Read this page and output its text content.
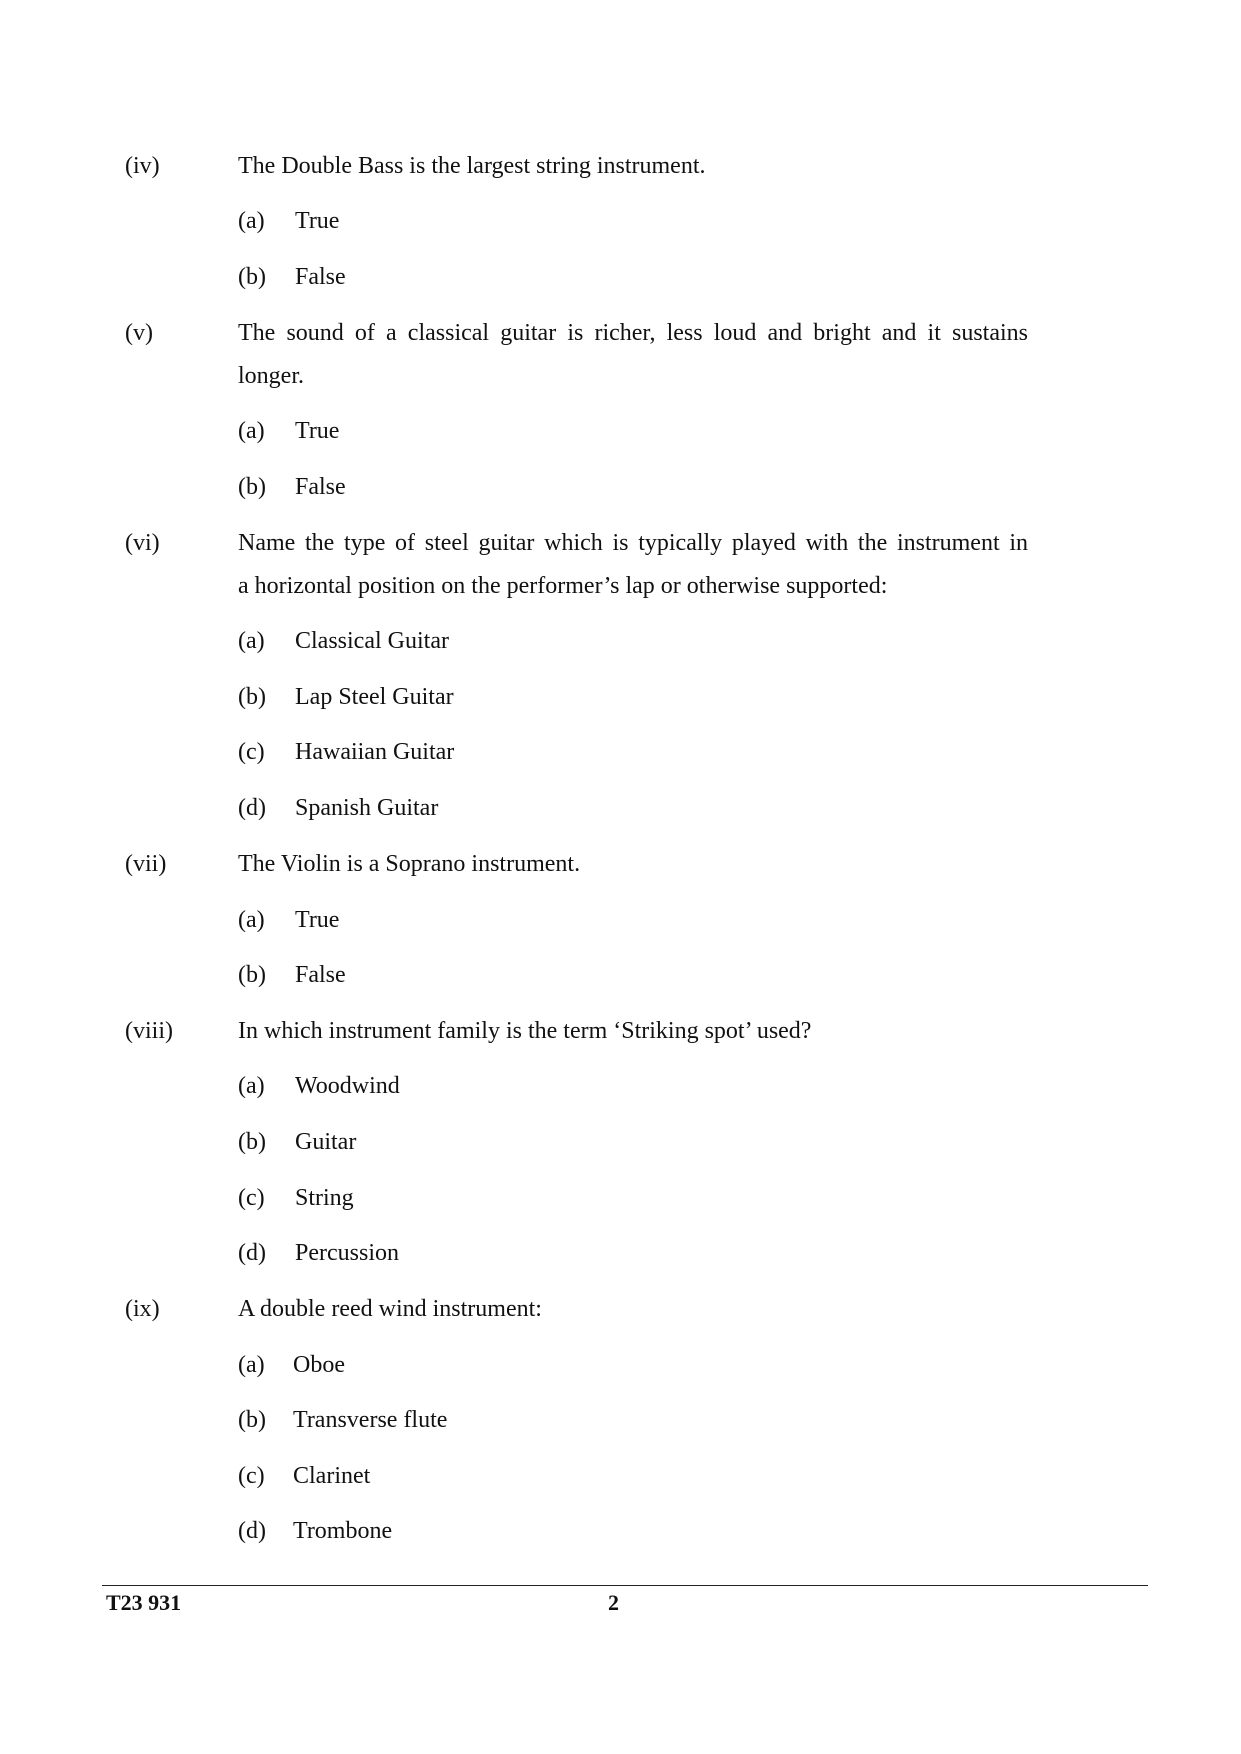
(iv)	The Double Bass is the largest string instrument.
(a) True
(b) False
(v)	The sound of a classical guitar is richer, less loud and bright and it sustains
longer.
(a) True
(b) False
(vi)	Name the type of steel guitar which is typically played with the instrument in
a horizontal position on the performer’s lap or otherwise supported:
(a) Classical Guitar
(b) Lap Steel Guitar
(c) Hawaiian Guitar
(d) Spanish Guitar
(vii)	The Violin is a Soprano instrument.
(a) True
(b) False
(viii)	In which instrument family is the term ‘Striking spot’ used?
(a) Woodwind
(b) Guitar
(c) String
(d) Percussion
(ix)	A double reed wind instrument:
(a) Oboe
(b) Transverse flute
(c) Clarinet
(d) Trombone
T23 931	2
